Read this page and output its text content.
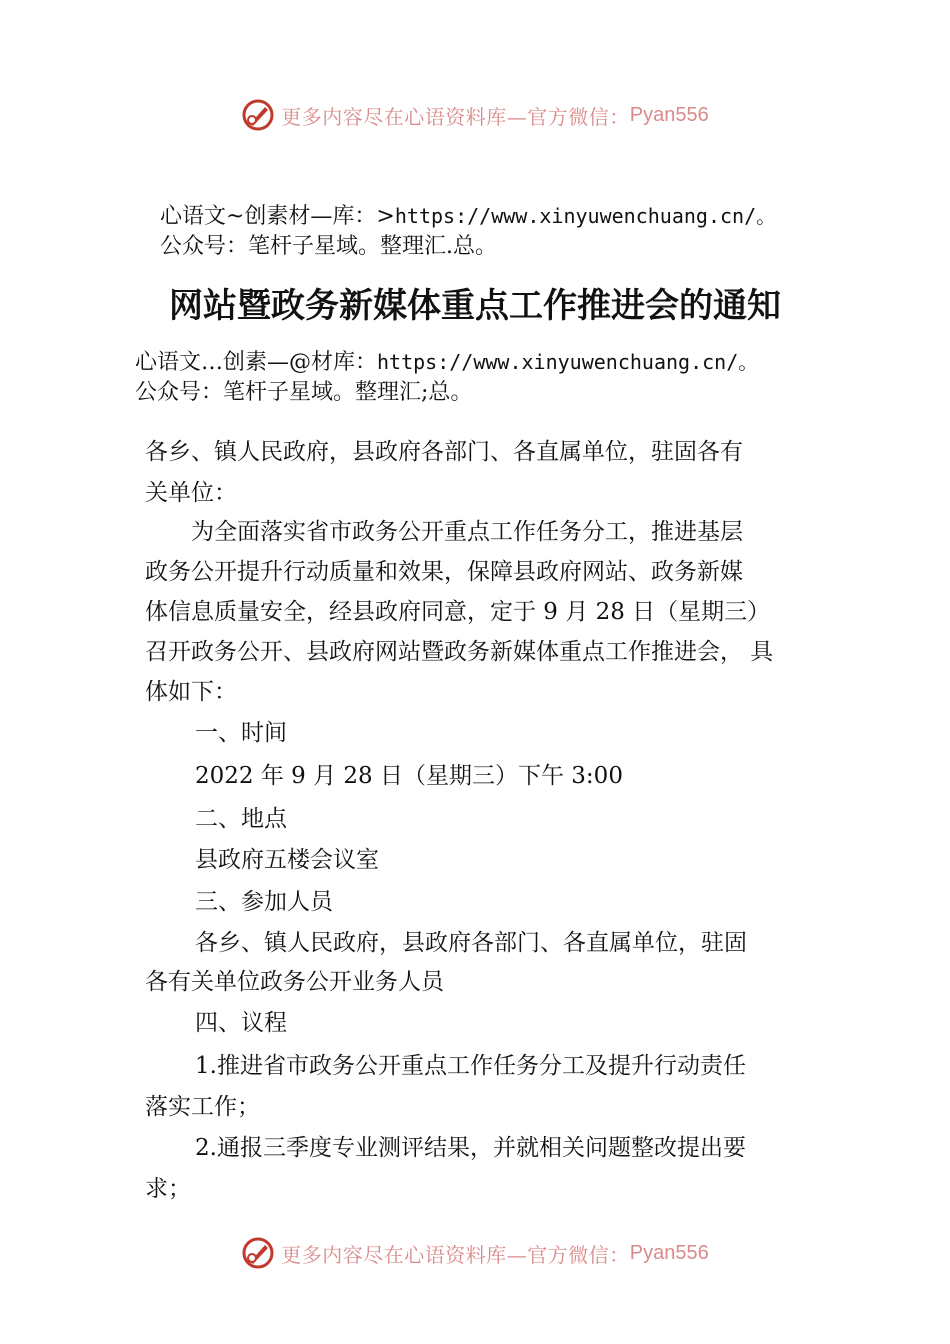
更多内容尽在心语资料库—官方微信： Pyan556
心语文~创素材—库：>https://www.xinyuwenchuang.cn/。
公众号：笔杆子星域。整理汇.总。
网站暨政务新媒体重点工作推进会的通知
心语文…创素—@材库：https://www.xinyuwenchuang.cn/。
公众号：笔杆子星域。整理汇;总。
各乡、镇人民政府，县政府各部门、各直属单位，驻固各有
关单位：
为全面落实省市政务公开重点工作任务分工，推进基层
政务公开提升行动质量和效果，保障县政府网站、政务新媒
体信息质量安全，经县政府同意，定于 9 月 28 日（星期三）
召开政务公开、县政府网站暨政务新媒体重点工作推进会， 具
体如下：
一、时间
2022 年 9 月 28 日（星期三）下午 3:00
二、地点
县政府五楼会议室
三、参加人员
各乡、镇人民政府，县政府各部门、各直属单位，驻固
各有关单位政务公开业务人员
四、议程
1.推进省市政务公开重点工作任务分工及提升行动责任
落实工作；
2.通报三季度专业测评结果，并就相关问题整改提出要
求；
更多内容尽在心语资料库—官方微信： Pyan556
